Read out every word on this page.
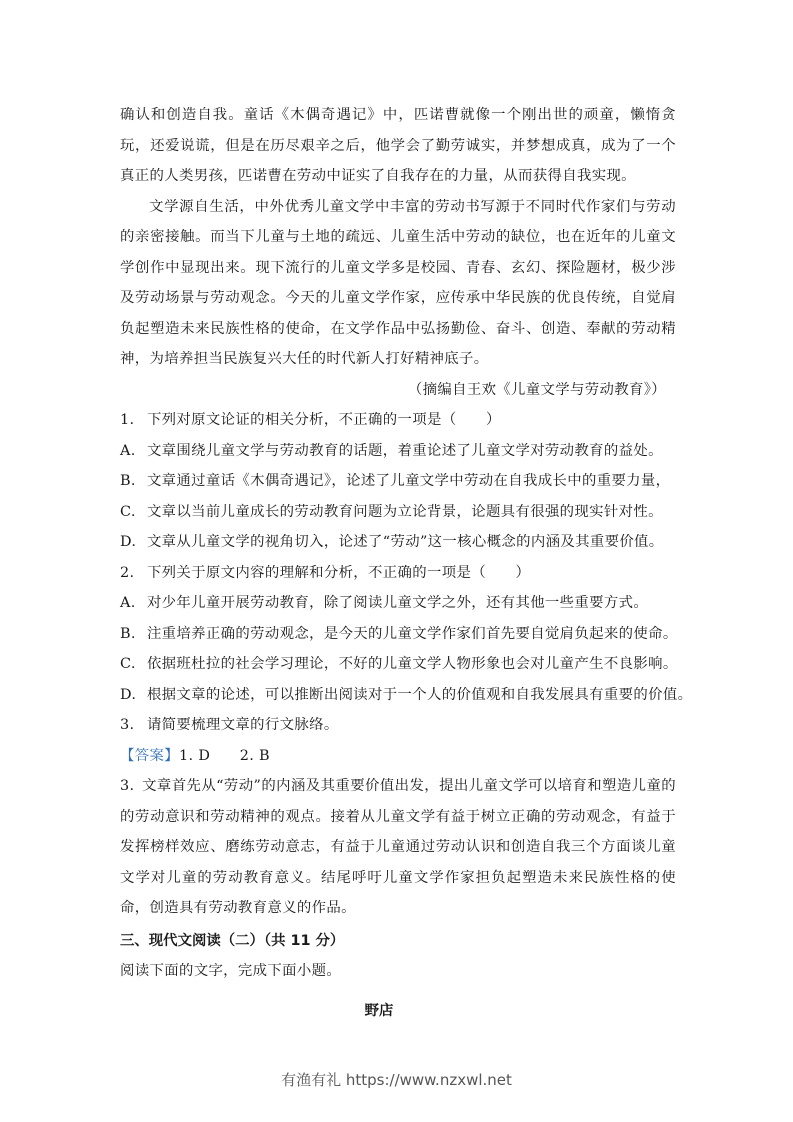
确认和创造自我。童话《木偶奇遇记》中，匹诺曹就像一个刚出世的顽童，懒惰贪玩，还爱说谎，但是在历尽艰辛之后，他学会了勤劳诚实，并梦想成真，成为了一个真正的人类男孩，匹诺曹在劳动中证实了自我存在的力量，从而获得自我实现。
文学源自生活，中外优秀儿童文学中丰富的劳动书写源于不同时代作家们与劳动的亲密接触。而当下儿童与土地的疏远、儿童生活中劳动的缺位，也在近年的儿童文学创作中显现出来。现下流行的儿童文学多是校园、青春、玄幻、探险题材，极少涉及劳动场景与劳动观念。今天的儿童文学作家，应传承中华民族的优良传统，自觉肩负起塑造未来民族性格的使命，在文学作品中弘扬勤俭、奋斗、创造、奉献的劳动精神，为培养担当民族复兴大任的时代新人打好精神底子。
（摘编自王欢《儿童文学与劳动教育》）
1. 下列对原文论证的相关分析，不正确的一项是（　　）
A. 文章围绕儿童文学与劳动教育的话题，着重论述了儿童文学对劳动教育的益处。
B. 文章通过童话《木偶奇遇记》，论述了儿童文学中劳动在自我成长中的重要力量，
C. 文章以当前儿童成长的劳动教育问题为立论背景，论题具有很强的现实针对性。
D. 文章从儿童文学的视角切入，论述了“劳动”这一核心概念的内涵及其重要价值。
2. 下列关于原文内容的理解和分析，不正确的一项是（　　）
A. 对少年儿童开展劳动教育，除了阅读儿童文学之外，还有其他一些重要方式。
B. 注重培养正确的劳动观念，是今天的儿童文学作家们首先要自觉肩负起来的使命。
C. 依据班杜拉的社会学习理论，不好的儿童文学人物形象也会对儿童产生不良影响。
D. 根据文章的论述，可以推断出阅读对于一个人的价值观和自我发展具有重要的价值。
3. 请简要梳理文章的行文脉络。
【答案】1. D　　2. B
3. 文章首先从“劳动”的内涵及其重要价值出发，提出儿童文学可以培育和塑造儿童的的劳动意识和劳动精神的观点。接着从儿童文学有益于树立正确的劳动观念，有益于发挥榜样效应、磨练劳动意志，有益于儿童通过劳动认识和创造自我三个方面谈儿童文学对儿童的劳动教育意义。结尾呼吁儿童文学作家担负起塑造未来民族性格的使命，创造具有劳动教育意义的作品。
三、现代文阅读（二）（共 11 分）
阅读下面的文字，完成下面小题。
野店
有渔有礼 https://www.nzxwl.net
